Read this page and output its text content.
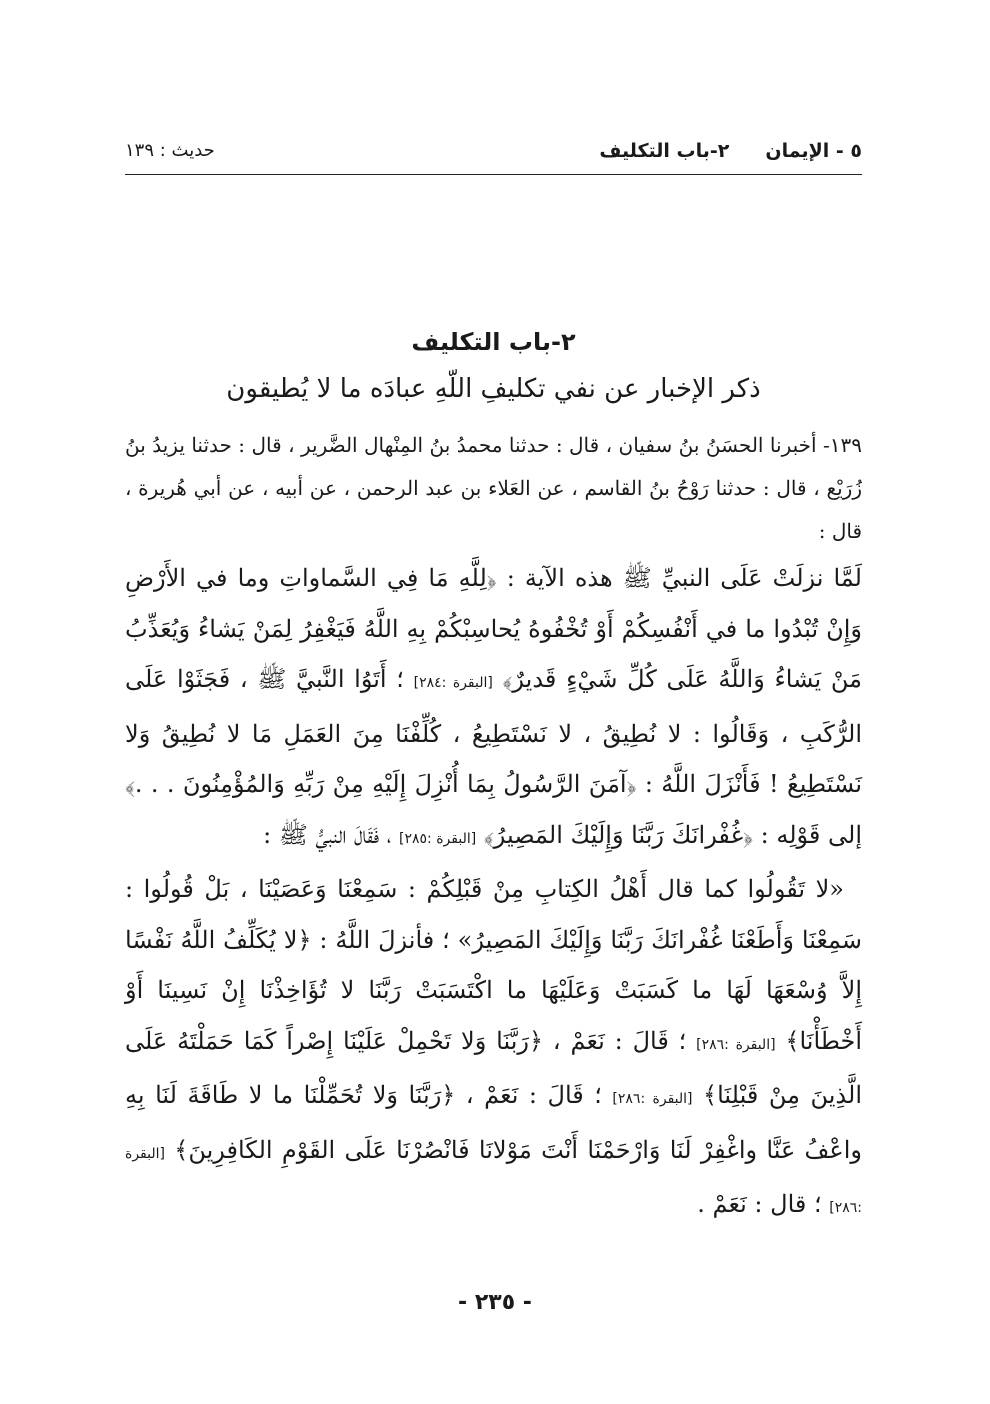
٥ - الإيمان٢-باب التكليف
حديث : ١٣٩
٢-باب التكليف
ذكر الإخبار عن نفي تكليفِ اللّهِ عبادَه ما لا يُطيقون

١٣٩- أخبرنا الحسَنُ بنُ سفيان ، قال : حدثنا محمدُ بنُ المِنْهال الضَّرير ، قال : حدثنا يزيدُ بنُ زُرَيْع ، قال : حدثنا رَوْحُ بنُ القاسم ، عن العَلاء بن عبد الرحمن ، عن أبيه ، عن أبي هُريرة ، قال :

لَمَّا نزلَتْ عَلَى النبيِّ ﷺ هذه الآية : ﴿لِلَّهِ مَا فِي السَّماواتِ وما في الأَرْضِ وَإِنْ تُبْدُوا ما في أَنْفُسِكُمْ أَوْ تُخْفُوهُ يُحاسِبْكُمْ بِهِ اللَّهُ فَيَغْفِرُ لِمَنْ يَشاءُ وَيُعَذِّبُ مَنْ يَشاءُ وَاللَّهُ عَلَى كُلِّ شَيْءٍ قَديرٌ﴾ [البقرة :٢٨٤] ؛ أَتَوُا النَّبيَّ ﷺ ، فَجَثَوْا عَلَى الرُّكَبِ ، وَقَالُوا : لا نُطِيقُ ، لا نَسْتَطِيعُ ، كُلِّفْنَا مِنَ العَمَلِ مَا لا نُطِيقُ وَلا نَسْتَطِيعُ ! فَأَنْزَلَ اللَّهُ : ﴿آمَنَ الرَّسُولُ بِمَا أُنْزِلَ إِلَيْهِ مِنْ رَبِّهِ وَالمُؤْمِنُونَ . . .﴾ إلى قَوْلِه : ﴿غُفْرانَكَ رَبَّنَا وَإِلَيْكَ المَصِيرُ﴾ [البقرة :٢٨٥] ، فَقَالَ النبيُّ ﷺ :

«لا تَقُولُوا كما قال أَهْلُ الكِتابِ مِنْ قَبْلِكُمْ : سَمِعْنَا وَعَصَيْنَا ، بَلْ قُولُوا : سَمِعْنَا وَأَطَعْنَا غُفْرانَكَ رَبَّنَا وَإِلَيْكَ المَصِيرُ» ؛ فأنزلَ اللَّهُ : ﴿لا يُكَلِّفُ اللَّهُ نَفْسًا إِلاَّ وُسْعَهَا لَهَا ما كَسَبَتْ وَعَلَيْهَا ما اكْتَسَبَتْ رَبَّنَا لا تُؤَاخِذْنَا إِنْ نَسِينَا أَوْ أَخْطَأْنَا﴾ [البقرة :٢٨٦] ؛ قَالَ : نَعَمْ ، ﴿رَبَّنَا وَلا تَحْمِلْ عَلَيْنَا إِصْراً كَمَا حَمَلْتَهُ عَلَى الَّذِينَ مِنْ قَبْلِنَا﴾ [البقرة :٢٨٦] ؛ قَالَ : نَعَمْ ، ﴿رَبَّنَا وَلا تُحَمِّلْنَا ما لا طَاقَةَ لَنَا بِهِ واعْفُ عَنَّا واغْفِرْ لَنَا وَارْحَمْنَا أَنْتَ مَوْلانَا فَانْصُرْنَا عَلَى القَوْمِ الكَافِرِينَ﴾ [البقرة :٢٨٦] ؛ قال : نَعَمْ .

- ٢٣٥ -
